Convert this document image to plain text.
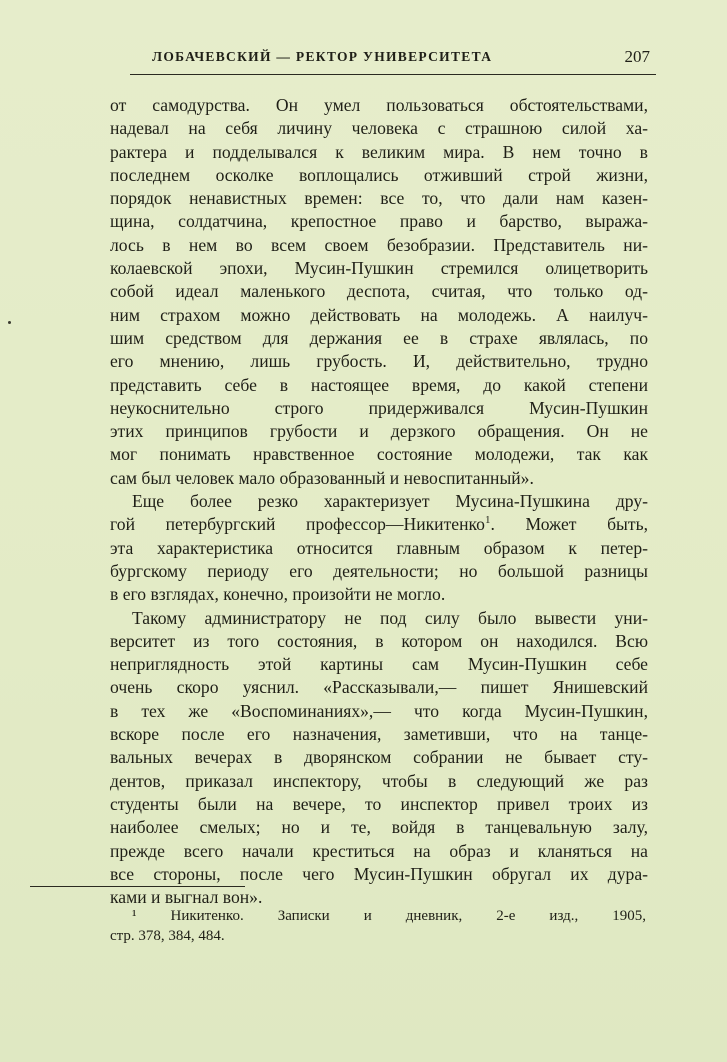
ЛОБАЧЕВСКИЙ — РЕКТОР УНИВЕРСИТЕТА	207
от самодурства. Он умел пользоваться обстоятельствами,
надевал на себя личину человека с страшною силой ха-
рактера и подделывался к великим мира. В нем точно в
последнем осколке воплощались отживший строй жизни,
порядок ненавистных времен: все то, что дали нам казен-
щина, солдатчина, крепостное право и барство, выража-
лось в нем во всем своем безобразии. Представитель ни-
колаевской эпохи, Мусин-Пушкин стремился олицетворить
собой идеал маленького деспота, считая, что только од-
ним страхом можно действовать на молодежь. А наилуч-
шим средством для держания ее в страхе являлась, по
его мнению, лишь грубость. И, действительно, трудно
представить себе в настоящее время, до какой степени
неукоснительно строго придерживался Мусин-Пушкин
этих принципов грубости и дерзкого обращения. Он не
мог понимать нравственное состояние молодежи, так как
сам был человек мало образованный и невоспитанный».
Еще более резко характеризует Мусина-Пушкина дру-
гой петербургский профессор—Никитенко$^1$. Может быть,
эта характеристика относится главным образом к петер-
бургскому периоду его деятельности; но большой разницы
в его взглядах, конечно, произойти не могло.
Такому администратору не под силу было вывести уни-
верситет из того состояния, в котором он находился. Всю
неприглядность этой картины сам Мусин-Пушкин себе
очень скоро уяснил. «Рассказывали,— пишет Янишевский
в тех же «Воспоминаниях»,— что когда Мусин-Пушкин,
вскоре после его назначения, заметивши, что на танце-
вальных вечерах в дворянском собрании не бывает сту-
дентов, приказал инспектору, чтобы в следующий же раз
студенты были на вечере, то инспектор привел троих из
наиболее смелых; но и те, войдя в танцевальную залу,
прежде всего начали креститься на образ и кланяться на
все стороны, после чего Мусин-Пушкин обругал их дура-
ками и выгнал вон».
¹ Никитенко. Записки и дневник, 2-е изд., 1905,
стр. 378, 384, 484.
